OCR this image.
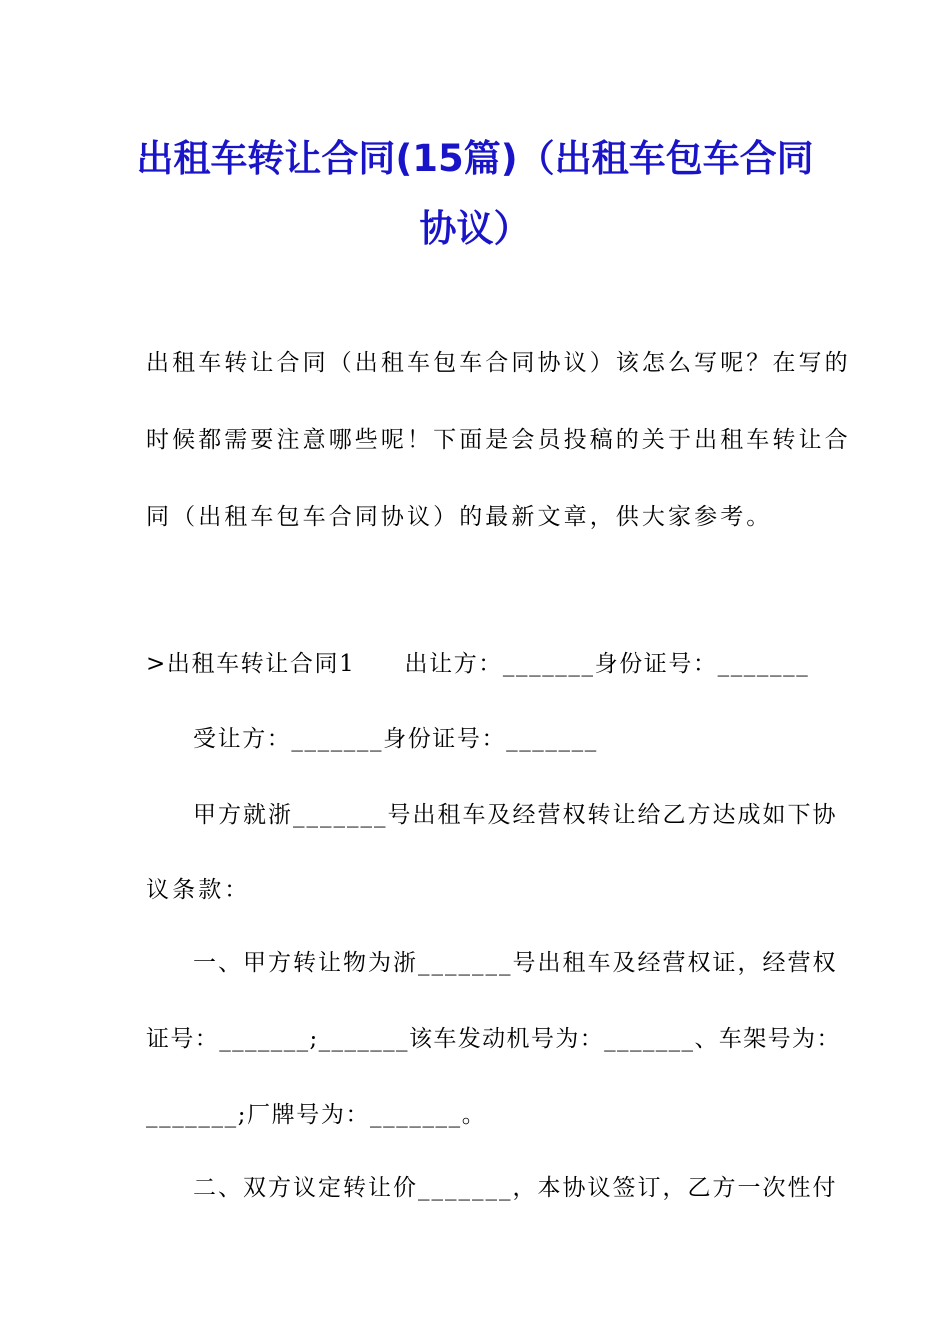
出租车转让合同(15篇)（出租车包车合同
协议）
出租车转让合同（出租车包车合同协议）该怎么写呢？在写的
时候都需要注意哪些呢！下面是会员投稿的关于出租车转让合
同（出租车包车合同协议）的最新文章，供大家参考。
>出租车转让合同1　　出让方：_______身份证号：_______
受让方：_______身份证号：_______
甲方就浙_______号出租车及经营权转让给乙方达成如下协
议条款：
一、甲方转让物为浙_______号出租车及经营权证，经营权
证号：_______;_______该车发动机号为：_______、车架号为：
_______;厂牌号为：_______。
二、双方议定转让价_______，本协议签订，乙方一次性付
